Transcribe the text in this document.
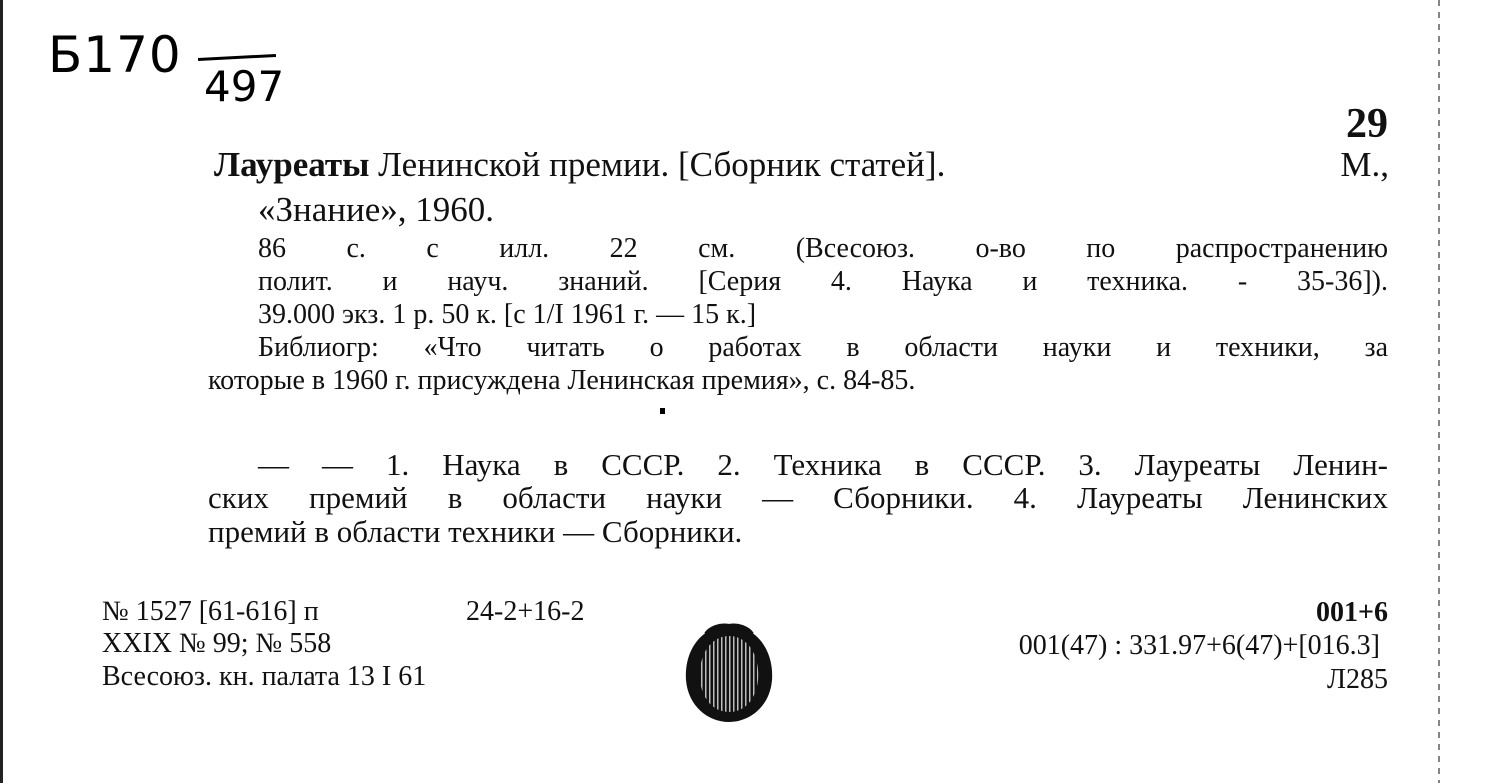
Б170
497
29
Лауреаты Ленинской премии. [Сборник статей].	М.,
«Знание», 1960.
86 с. с илл. 22 см. (Всесоюз. о-во по распространению
полит. и науч. знаний. [Серия 4. Наука и техника. - 35-36]).
39.000 экз. 1 р. 50 к. [с 1/I 1961 г. — 15 к.]
Библиогр: «Что читать о работах в области науки и техники, за
которые в 1960 г. присуждена Ленинская премия», с. 84-85.
— — 1. Наука в СССР. 2. Техника в СССР. 3. Лауреаты Ленин-
ских премий в области науки — Сборники. 4. Лауреаты Ленинских
премий в области техники — Сборники.
№ 1527 [61-616] п	24-2+16-2
XXIX № 99; № 558
Всесоюз. кн. палата 13 I 61
001+6
001(47) : 331.97+6(47)+[016.3]
Л285
